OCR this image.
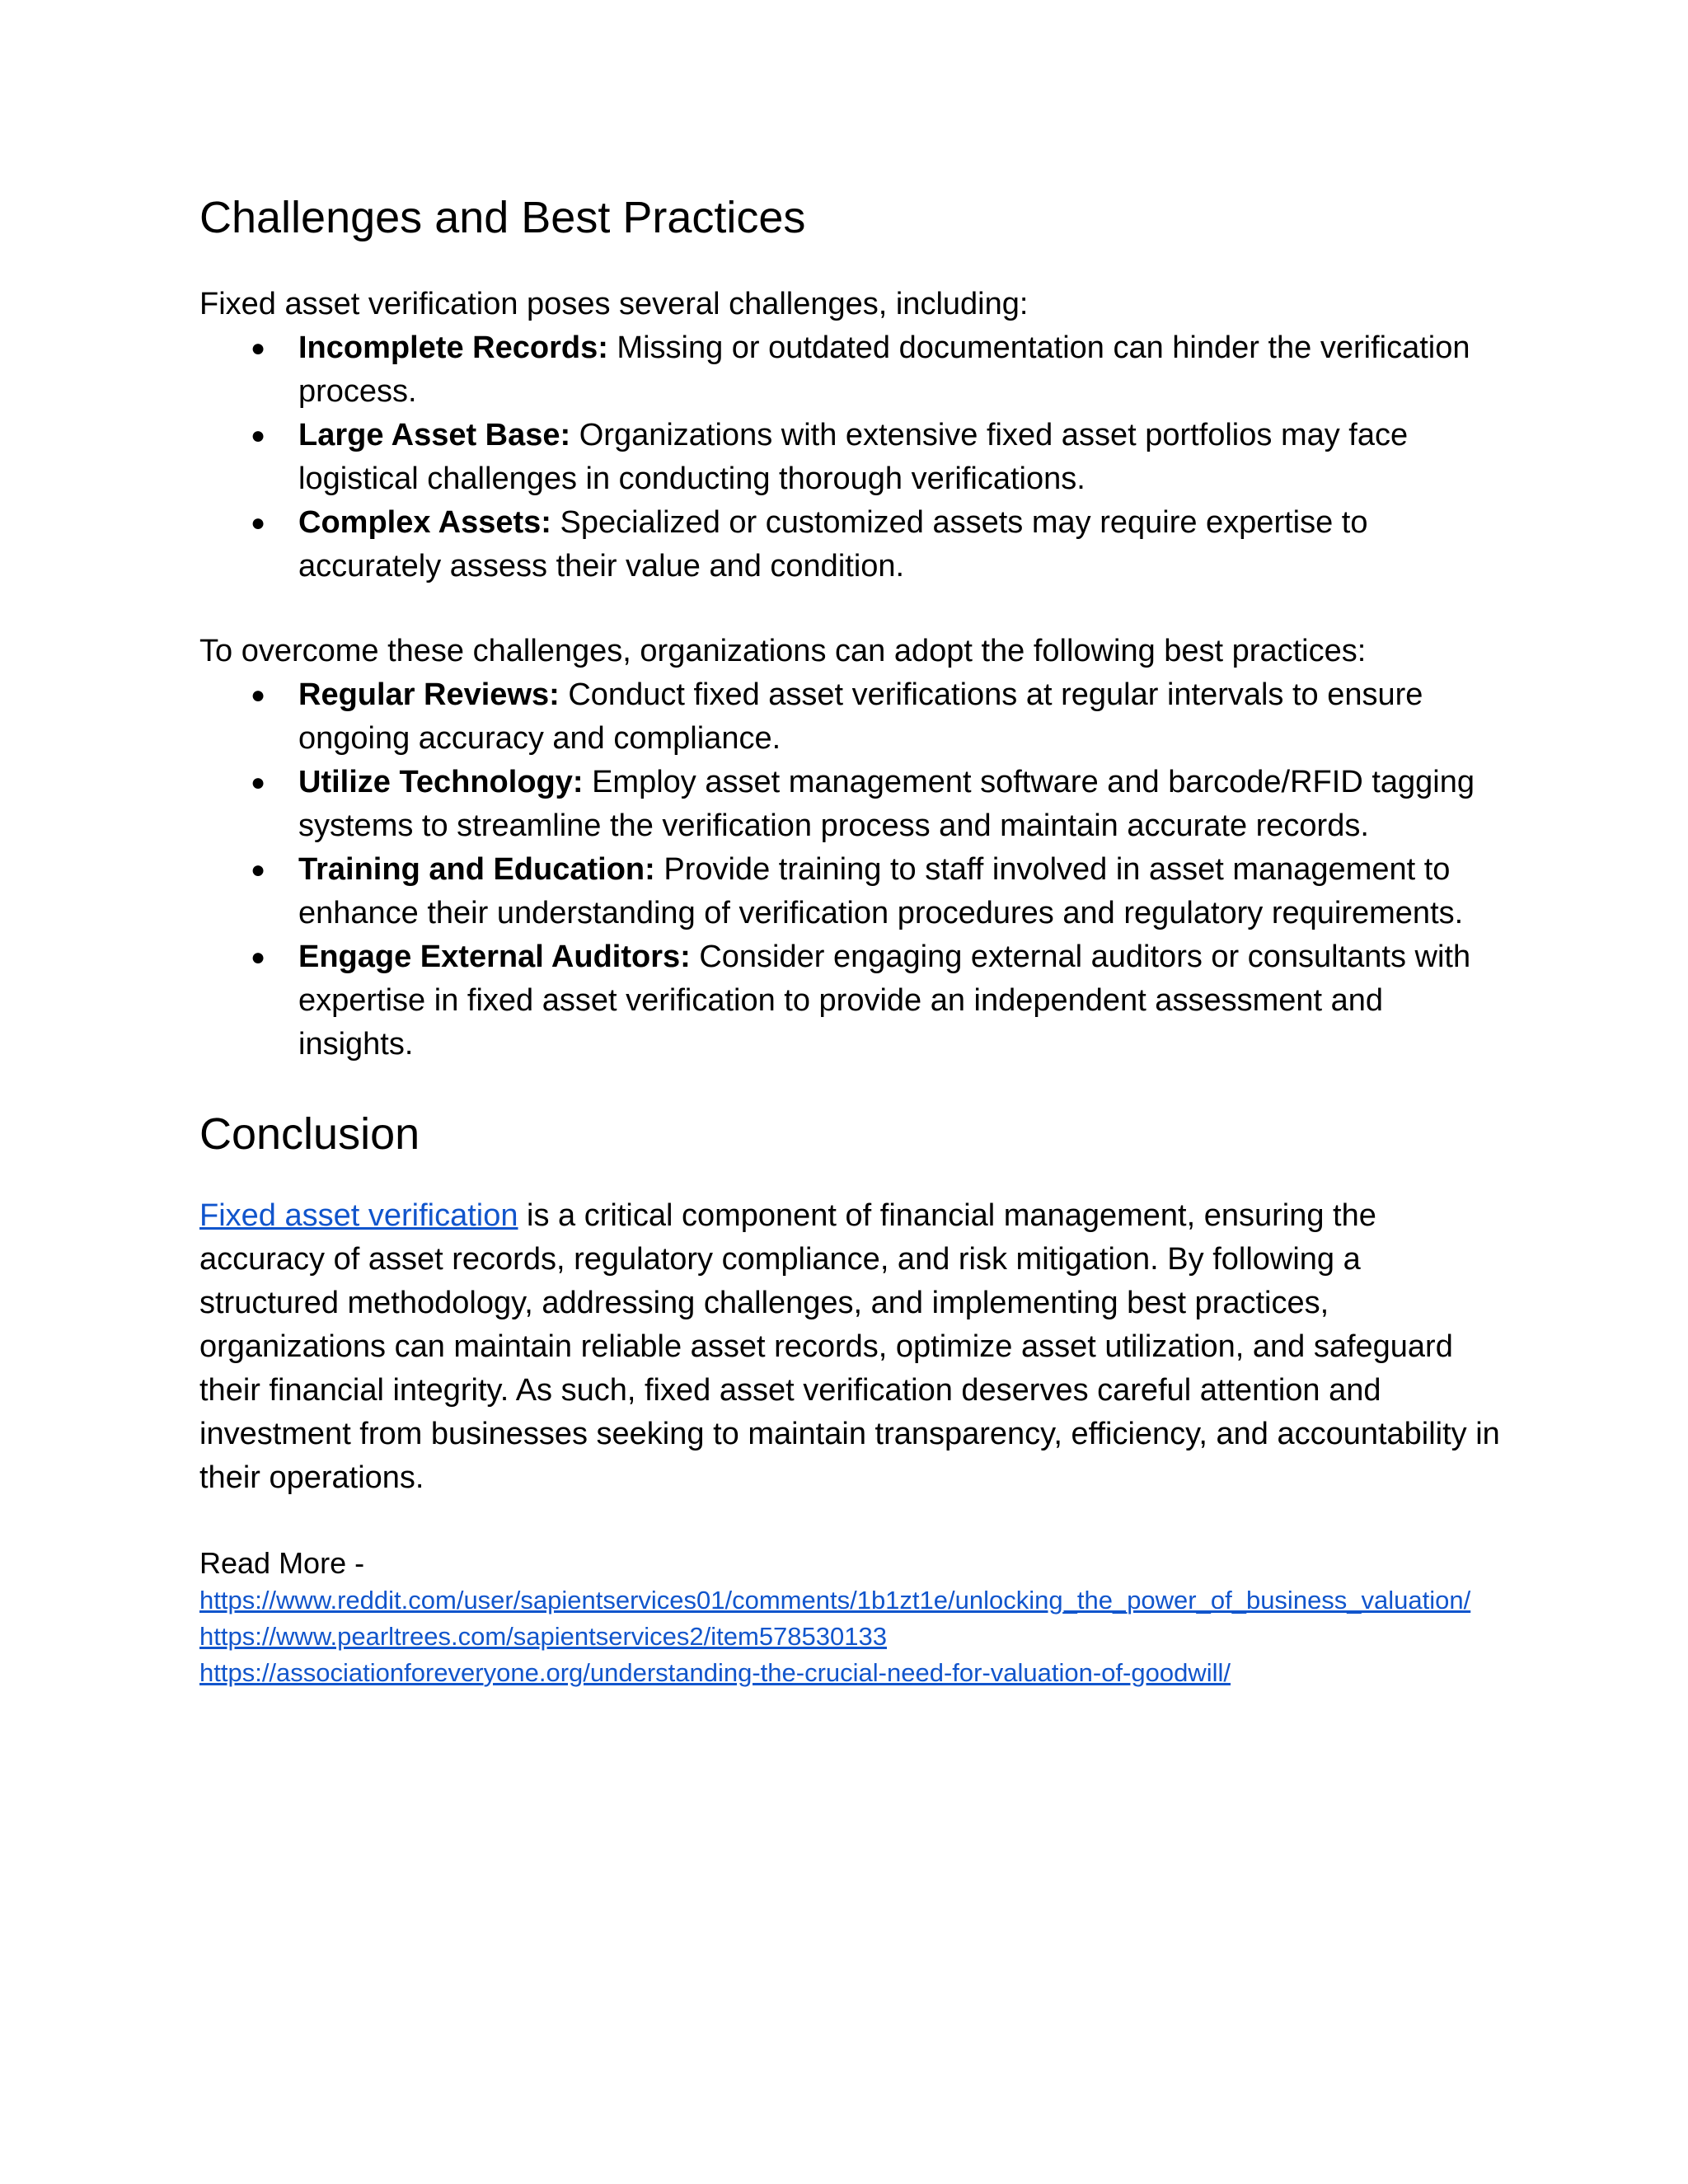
Challenges and Best Practices

Fixed asset verification poses several challenges, including:

● Incomplete Records: Missing or outdated documentation can hinder the verification process.
● Large Asset Base: Organizations with extensive fixed asset portfolios may face logistical challenges in conducting thorough verifications.
● Complex Assets: Specialized or customized assets may require expertise to accurately assess their value and condition.

To overcome these challenges, organizations can adopt the following best practices:

● Regular Reviews: Conduct fixed asset verifications at regular intervals to ensure ongoing accuracy and compliance.
● Utilize Technology: Employ asset management software and barcode/RFID tagging systems to streamline the verification process and maintain accurate records.
● Training and Education: Provide training to staff involved in asset management to enhance their understanding of verification procedures and regulatory requirements.
● Engage External Auditors: Consider engaging external auditors or consultants with expertise in fixed asset verification to provide an independent assessment and insights.
Conclusion

Fixed asset verification is a critical component of financial management, ensuring the accuracy of asset records, regulatory compliance, and risk mitigation. By following a structured methodology, addressing challenges, and implementing best practices, organizations can maintain reliable asset records, optimize asset utilization, and safeguard their financial integrity. As such, fixed asset verification deserves careful attention and investment from businesses seeking to maintain transparency, efficiency, and accountability in their operations.

Read More -
https://www.reddit.com/user/sapientservices01/comments/1b1zt1e/unlocking_the_power_of_business_valuation/
https://www.pearltrees.com/sapientservices2/item578530133
https://associationforeveryone.org/understanding-the-crucial-need-for-valuation-of-goodwill/
